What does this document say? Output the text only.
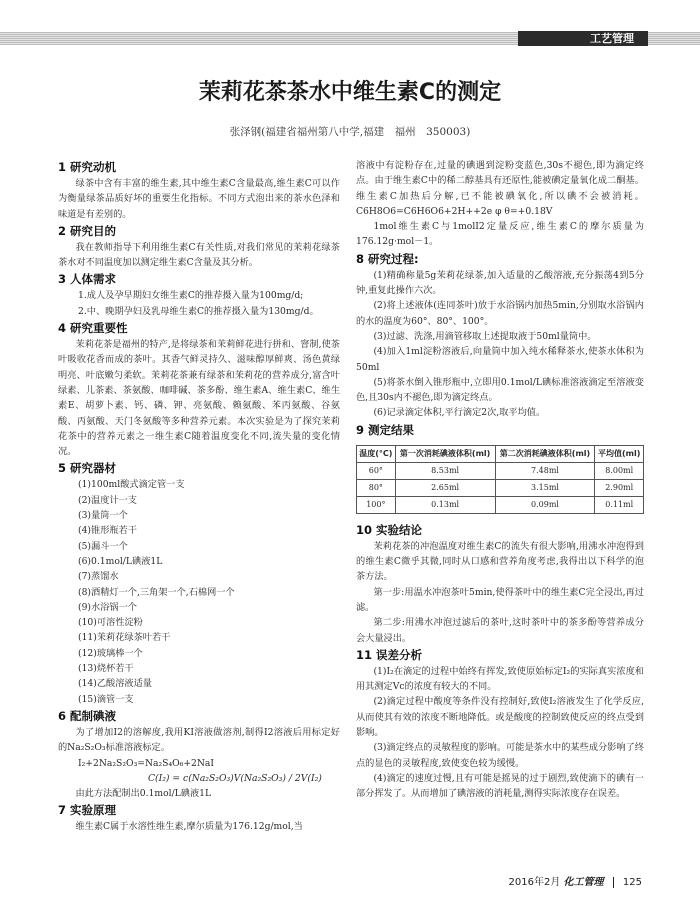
工艺管理
茉莉花茶茶水中维生素C的测定
张泽钢(福建省福州第八中学,福建　福州　350003)
1 研究动机

绿茶中含有丰富的维生素,其中维生素C含量最高,维生素C可以作为衡量绿茶品质好坏的重要生化指标。不同方式泡出来的茶水色泽和味道是有差别的。

2 研究目的

我在教师指导下利用维生素C有关性质,对我们常见的茉莉花绿茶茶水对不同温度加以测定维生素C含量及其分析。

3 人体需求
1.成人及孕早期妇女维生素C的推荐摄入量为100mg/d;
2.中、晚期孕妇及乳母维生素C的推荐摄入量为130mg/d。
4 研究重要性

茉莉花茶是福州的特产,是将绿茶和茉莉鲜花进行拼和、窨制,使茶叶吸收花香而成的茶叶。其香气鲜灵持久、滋味醇厚鲜爽、汤色黄绿明亮、叶底嫩匀柔软。茉莉花茶兼有绿茶和茉莉花的营养成分,富含叶绿素、儿茶素、茶氨酸、咖啡碱、茶多酚、维生素A、维生素C、维生素E、胡萝卜素、钙、磷、钾、亮氨酸、赖氨酸、苯丙氨酸、谷氨酸、丙氨酸、天门冬氨酸等多种营养元素。本次实验是为了探究茉莉花茶中的营养元素之一维生素C随着温度变化不同,流失量的变化情况。

5 研究器材
(1)100ml酸式滴定管一支
(2)温度计一支
(3)量筒一个
(4)锥形瓶若干
(5)漏斗一个
(6)0.1mol/L碘液1L
(7)蒸馏水
(8)酒精灯一个,三角架一个,石棉网一个
(9)水浴锅一个
(10)可溶性淀粉
(11)茉莉花绿茶叶若干
(12)玻璃棒一个
(13)烧杯若干
(14)乙酸溶液适量
(15)滴管一支
6 配制碘液

为了增加I2的溶解度,我用KI溶液做溶剂,制得I2溶液后用标定好的Na₂S₂O₃标准溶液标定。

I₂+2Na₂S₂O₃=Na₂S₄O₆+2NaI
C(I₂) = c(Na₂S₂O₃)V(Na₂S₂O₃) / 2V(I₂)

由此方法配制出0.1mol/L碘液1L

7 实验原理

维生素C属于水溶性维生素,摩尔质量为176.12g/mol,当

溶液中有淀粉存在,过量的碘遇到淀粉变蓝色,30s不褪色,即为滴定终点。由于维生素C中的稀二醇基具有还原性,能被碘定量氧化成二酮基。维生素C加热后分解,已不能被碘氧化,所以碘不会被消耗。C6H8O6=C6H6O6+2H++2e φ θ=+0.18V

1mol维生素C与1molI2定量反应,维生素C的摩尔质量为176.12g·mol－1。

8 研究过程:

(1)精确称量5g茉莉花绿茶,加入适量的乙酸溶液,充分振荡4到5分钟,重复此操作六次。

(2)将上述液体(连同茶叶)放于水浴锅内加热5min,分别取水浴锅内的水的温度为60°、80°、100°。

(3)过滤、洗涤,用滴管移取上述提取液于50ml量筒中。

(4)加入1ml淀粉溶液后,向量筒中加入纯水稀释茶水,使茶水体积为50ml

(5)将茶水倒入锥形瓶中,立即用0.1mol/L碘标准溶液滴定至溶液变色,且30s内不褪色,即为滴定终点。

(6)记录滴定体积,平行滴定2次,取平均值。

9 测定结果
温度(°C)	第一次消耗碘液体积(ml)	第二次消耗碘液体积(ml)	平均值(ml)
60°	8.53ml	7.48ml	8.00ml
80°	2.65ml	3.15ml	2.90ml
100°	0.13ml	0.09ml	0.11ml
10 实验结论

茉莉花茶的冲泡温度对维生素C的流失有很大影响,用沸水冲泡得到的维生素C微乎其微,同时从口感和营养角度考虑,我得出以下科学的泡茶方法。

第一步:用温水冲泡茶叶5min,使得茶叶中的维生素C完全浸出,再过滤。

第二步:用沸水冲泡过滤后的茶叶,这时茶叶中的茶多酚等营养成分会大量浸出。

11 误差分析

(1)I₂在滴定的过程中始终有挥发,致使原始标定I₂的实际真实浓度和用其测定Vc的浓度有较大的不同。

(2)滴定过程中酸度等条件没有控制好,致使I₂溶液发生了化学反应,从而使其有效的浓度不断地降低。或是酸度的控制致使反应的终点受到影响。

(3)滴定终点的灵敏程度的影响。可能是茶水中的某些成分影响了终点的显色的灵敏程度,致使变色较为缓慢。

(4)滴定的速度过慢,且有可能是摇晃的过于剧烈,致使滴下的碘有一部分挥发了。从而增加了碘溶液的消耗量,测得实际浓度存在误差。

2016年2月 化工管理 125
